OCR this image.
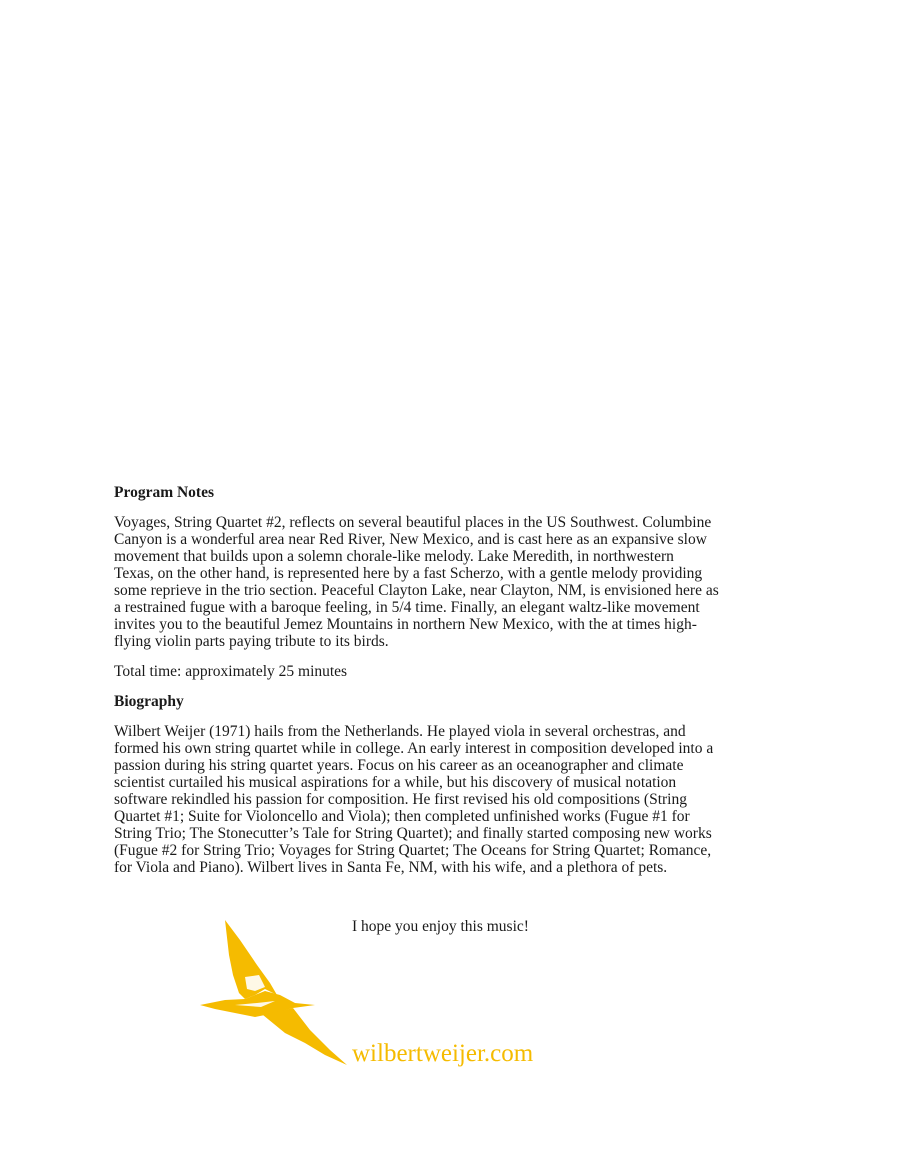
Program Notes
Voyages, String Quartet #2, reflects on several beautiful places in the US Southwest. Columbine
Canyon is a wonderful area near Red River, New Mexico, and is cast here as an expansive slow
movement that builds upon a solemn chorale-like melody. Lake Meredith, in northwestern
Texas, on the other hand, is represented here by a fast Scherzo, with a gentle melody providing
some reprieve in the trio section. Peaceful Clayton Lake, near Clayton, NM, is envisioned here as
a restrained fugue with a baroque feeling, in 5/4 time. Finally, an elegant waltz-like movement
invites you to the beautiful Jemez Mountains in northern New Mexico, with the at times high-
flying violin parts paying tribute to its birds.
Total time: approximately 25 minutes
Biography
Wilbert Weijer (1971) hails from the Netherlands. He played viola in several orchestras, and
formed his own string quartet while in college. An early interest in composition developed into a
passion during his string quartet years. Focus on his career as an oceanographer and climate
scientist curtailed his musical aspirations for a while, but his discovery of musical notation
software rekindled his passion for composition. He first revised his old compositions (String
Quartet #1; Suite for Violoncello and Viola); then completed unfinished works (Fugue #1 for
String Trio; The Stonecutter’s Tale for String Quartet); and finally started composing new works
(Fugue #2 for String Trio; Voyages for String Quartet; The Oceans for String Quartet; Romance,
for Viola and Piano). Wilbert lives in Santa Fe, NM, with his wife, and a plethora of pets.
I hope you enjoy this music!
wilbertweijer.com
